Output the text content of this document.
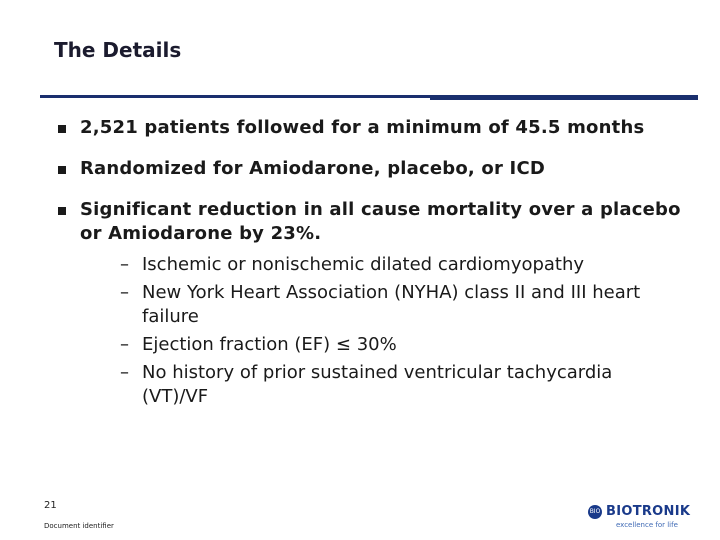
The Details
2,521 patients followed for a minimum of 45.5 months
Randomized for Amiodarone, placebo, or ICD
Significant reduction in all cause mortality over a placebo or Amiodarone by 23%.
– Ischemic or nonischemic dilated cardiomyopathy
– New York Heart Association (NYHA) class II and III heart failure
– Ejection fraction (EF) ≤ 30%
– No history of prior sustained ventricular tachycardia (VT)/VF
21
Document identifier
BIO BIOTRONIK
excellence for life
